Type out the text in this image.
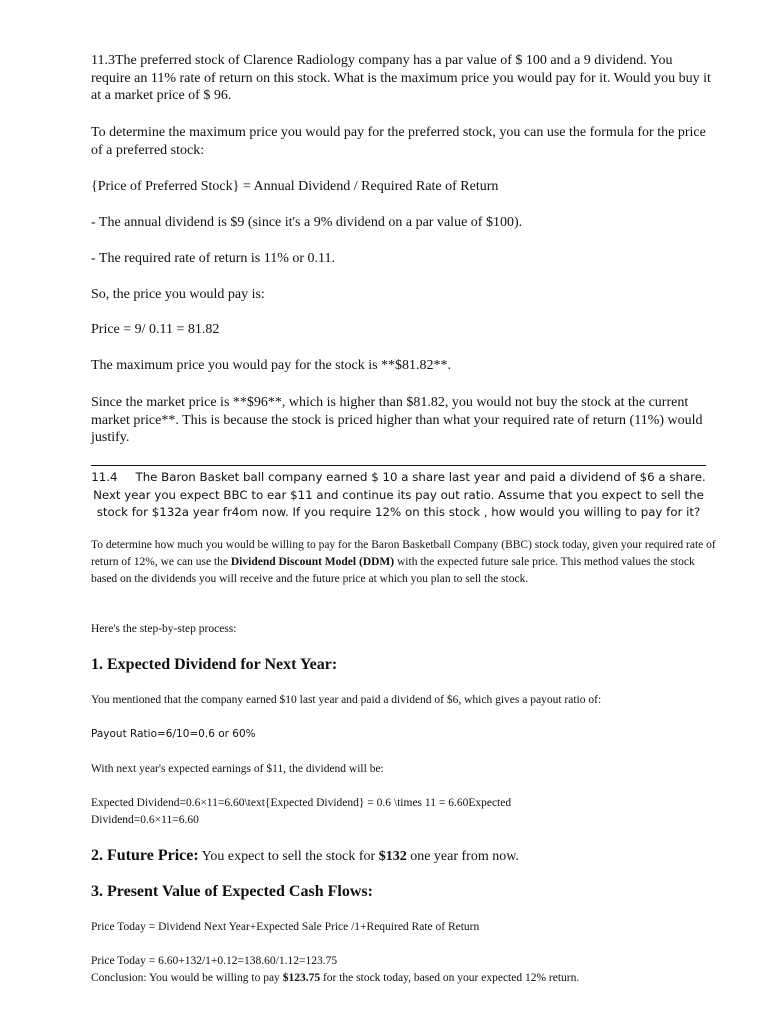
11.3The preferred stock of Clarence Radiology company has a par value of $ 100 and a 9 dividend. You require an 11% rate of return on this stock. What is the maximum price you would pay for it. Would you buy it at a market price of $ 96.

To determine the maximum price you would pay for the preferred stock, you can use the formula for the price of a preferred stock:

{Price of Preferred Stock} = Annual Dividend / Required Rate of Return

- The annual dividend is $9 (since it's a 9% dividend on a par value of $100).

- The required rate of return is 11% or 0.11.

So, the price you would pay is:

Price = 9/ 0.11 = 81.82

The maximum price you would pay for the stock is **$81.82**.

Since the market price is **$96**, which is higher than $81.82, you would not buy the stock at the current market price**. This is because the stock is priced higher than what your required rate of return (11%) would justify.

11.4 The Baron Basket ball company earned $ 10 a share last year and paid a dividend of $6 a share. Next year you expect BBC to ear $11 and continue its pay out ratio. Assume that you expect to sell the stock for $132a year fr4om now. If you require 12% on this stock , how would you willing to pay for it?

To determine how much you would be willing to pay for the Baron Basketball Company (BBC) stock today, given your required rate of return of 12%, we can use the Dividend Discount Model (DDM) with the expected future sale price. This method values the stock based on the dividends you will receive and the future price at which you plan to sell the stock.

Here's the step-by-step process:

1. Expected Dividend for Next Year:

You mentioned that the company earned $10 last year and paid a dividend of $6, which gives a payout ratio of:

Payout Ratio=6/10=0.6 or 60%

With next year's expected earnings of $11, the dividend will be:

Expected Dividend=0.6×11=6.60\text{Expected Dividend} = 0.6 \times 11 = 6.60Expected Dividend=0.6×11=6.60

2. Future Price: You expect to sell the stock for $132 one year from now.

3. Present Value of Expected Cash Flows:

Price Today = Dividend Next Year+Expected Sale Price /1+Required Rate of Return

Price Today = 6.60+132/1+0.12=138.60/1.12=123.75

Conclusion: You would be willing to pay $123.75 for the stock today, based on your expected 12% return.
